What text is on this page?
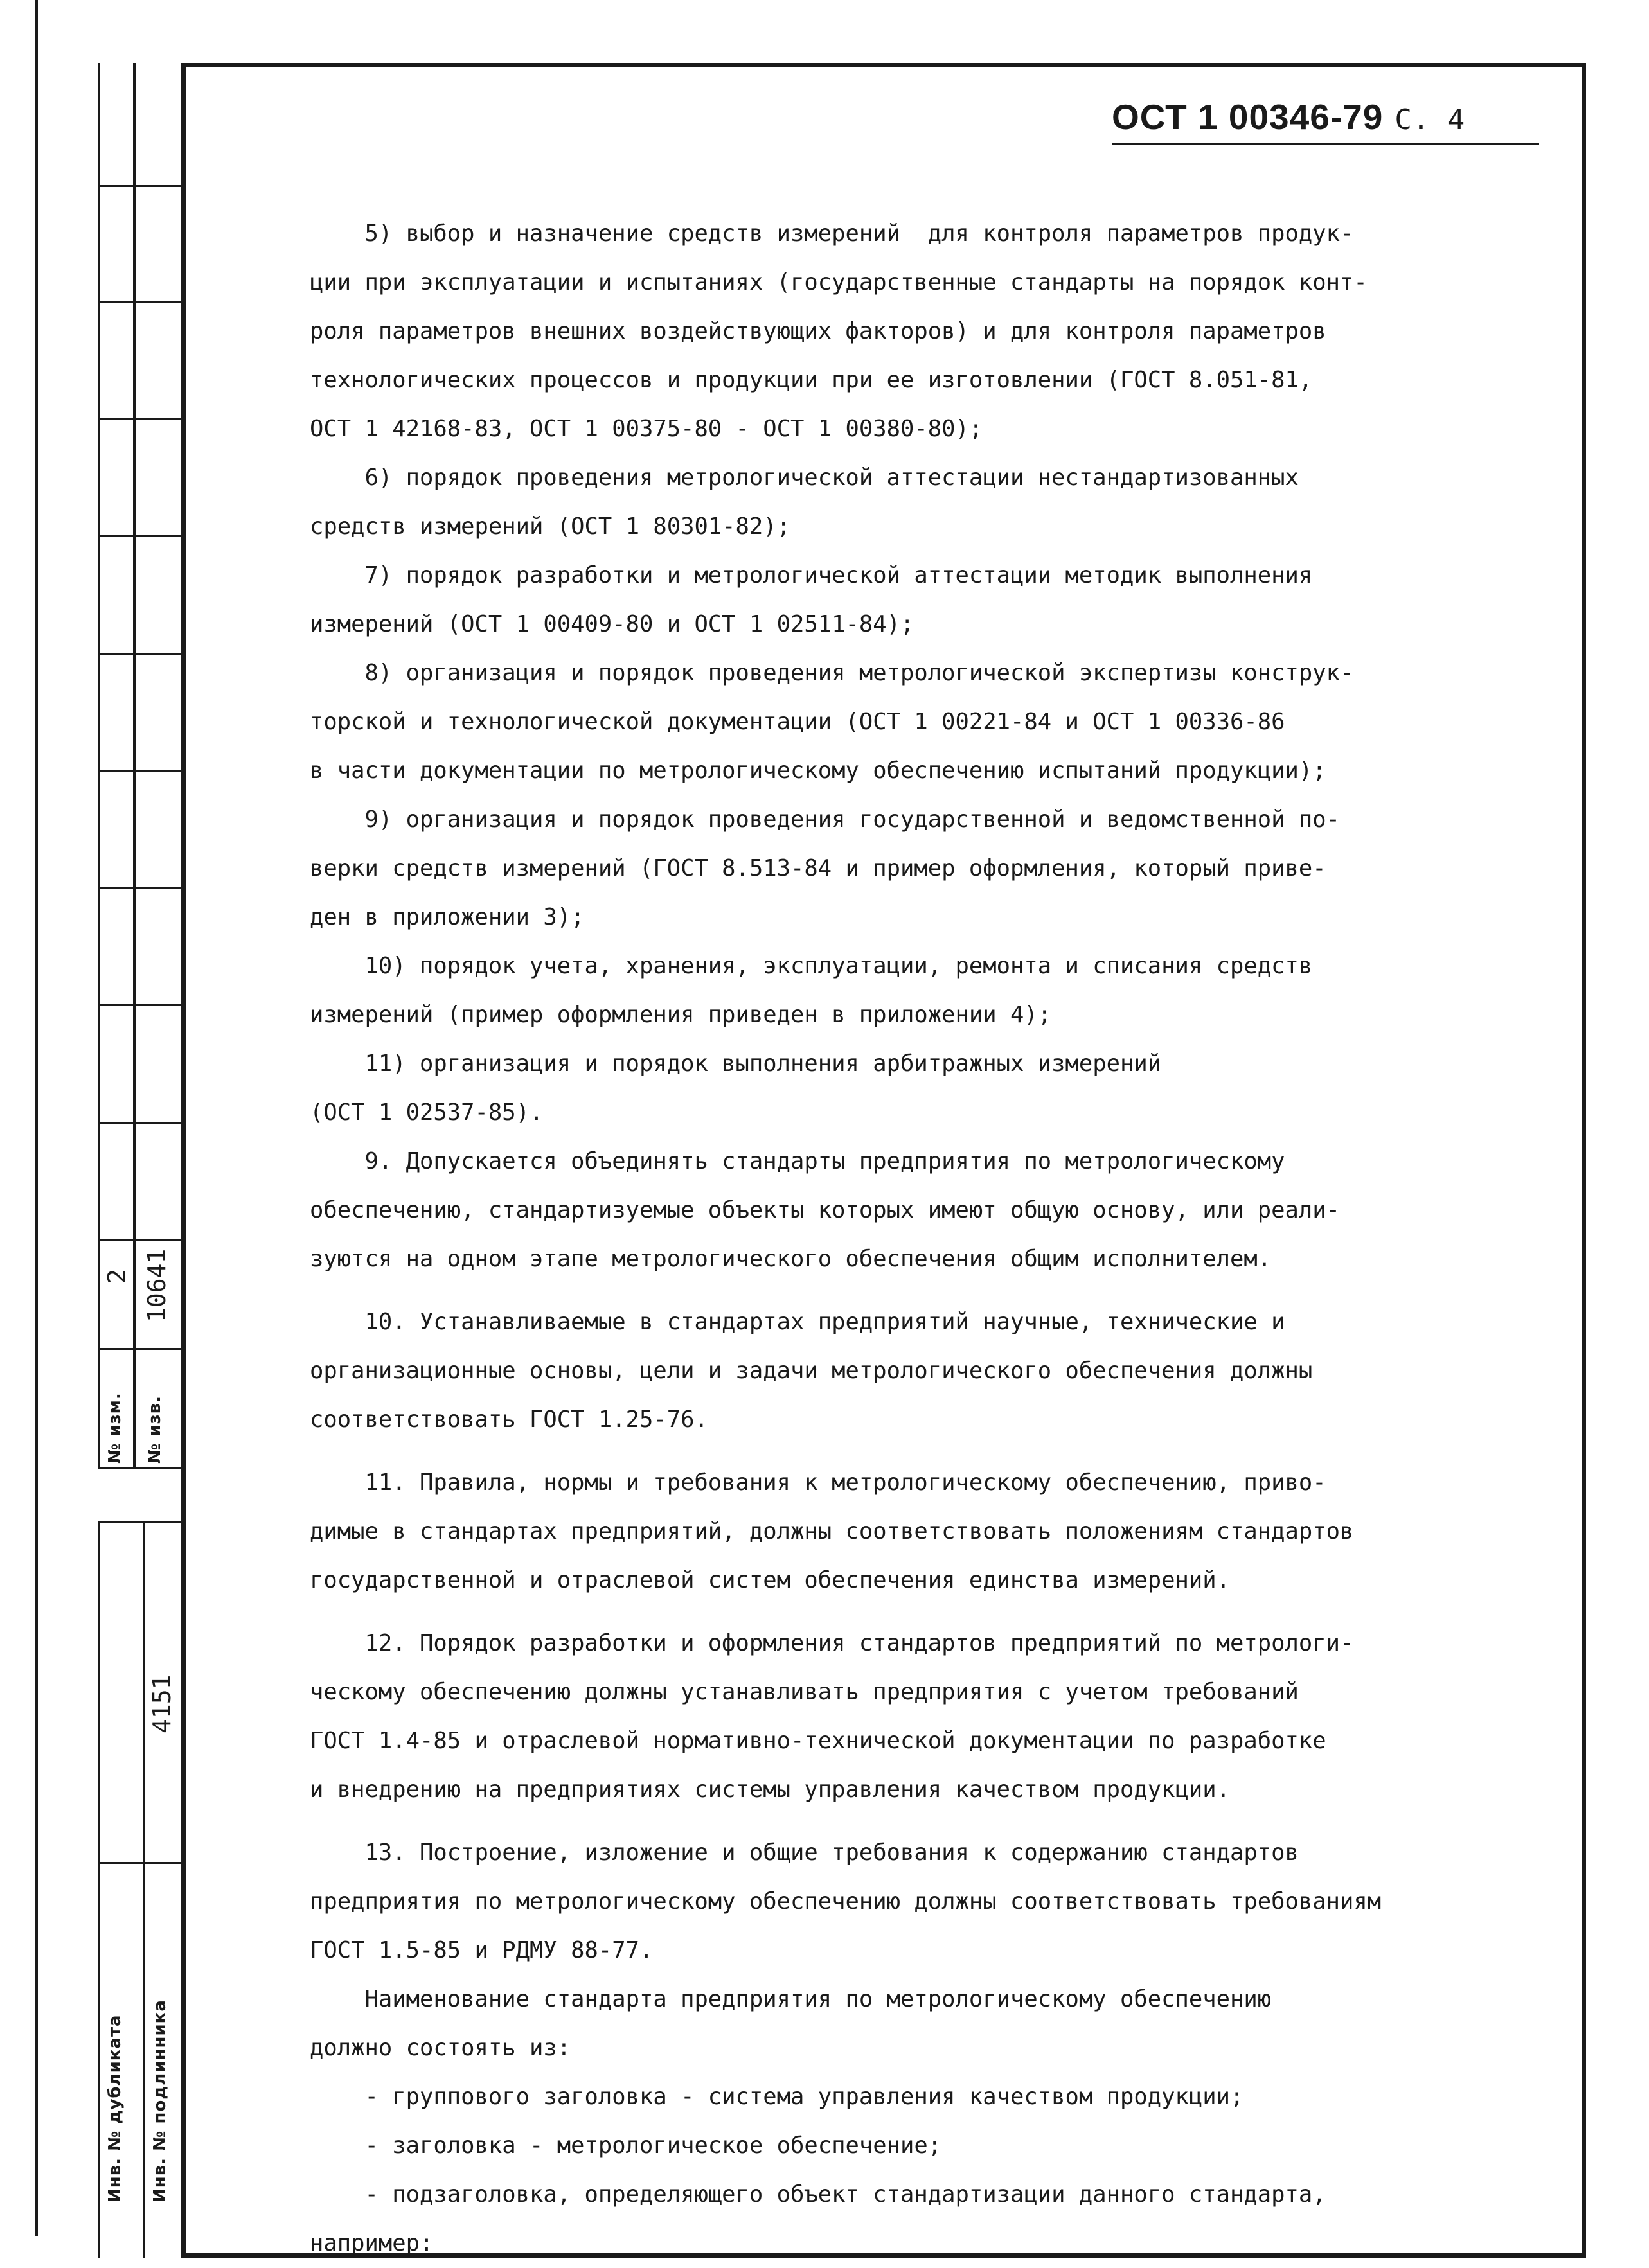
2 10641
№ изм. № изв.
4151
Инв. № дубликата Инв. № подлинника
ОСТ 1 00346-79 С. 4

5) выбор и назначение средств измерений  для контроля параметров продук-

ции при эксплуатации и испытаниях (государственные стандарты на порядок конт-

роля параметров внешних воздействующих факторов) и для контроля параметров

технологических процессов и продукции при ее изготовлении (ГОСТ 8.051-81,

ОСТ 1 42168-83, ОСТ 1 00375-80 - ОСТ 1 00380-80);

6) порядок проведения метрологической аттестации нестандартизованных

средств измерений (ОСТ 1 80301-82);

7) порядок разработки и метрологической аттестации методик выполнения

измерений (ОСТ 1 00409-80 и ОСТ 1 02511-84);

8) организация и порядок проведения метрологической экспертизы конструк-

торской и технологической документации (ОСТ 1 00221-84 и ОСТ 1 00336-86

в части документации по метрологическому обеспечению испытаний продукции);

9) организация и порядок проведения государственной и ведомственной по-

верки средств измерений (ГОСТ 8.513-84 и пример оформления, который приве-

ден в приложении 3);

10) порядок учета, хранения, эксплуатации, ремонта и списания средств

измерений (пример оформления приведен в приложении 4);

11) организация и порядок выполнения арбитражных измерений

(ОСТ 1 02537-85).

9. Допускается объединять стандарты предприятия по метрологическому

обеспечению, стандартизуемые объекты которых имеют общую основу, или реали-

зуются на одном этапе метрологического обеспечения общим исполнителем.

10. Устанавливаемые в стандартах предприятий научные, технические и

организационные основы, цели и задачи метрологического обеспечения должны

соответствовать ГОСТ 1.25-76.

11. Правила, нормы и требования к метрологическому обеспечению, приво-

димые в стандартах предприятий, должны соответствовать положениям стандартов

государственной и отраслевой систем обеспечения единства измерений.

12. Порядок разработки и оформления стандартов предприятий по метрологи-

ческому обеспечению должны устанавливать предприятия с учетом требований

ГОСТ 1.4-85 и отраслевой нормативно-технической документации по разработке

и внедрению на предприятиях системы управления качеством продукции.

13. Построение, изложение и общие требования к содержанию стандартов

предприятия по метрологическому обеспечению должны соответствовать требованиям

ГОСТ 1.5-85 и РДМУ 88-77.

Наименование стандарта предприятия по метрологическому обеспечению

должно состоять из:

- группового заголовка - система управления качеством продукции;

- заголовка - метрологическое обеспечение;

- подзаголовка, определяющего объект стандартизации данного стандарта,

например:
